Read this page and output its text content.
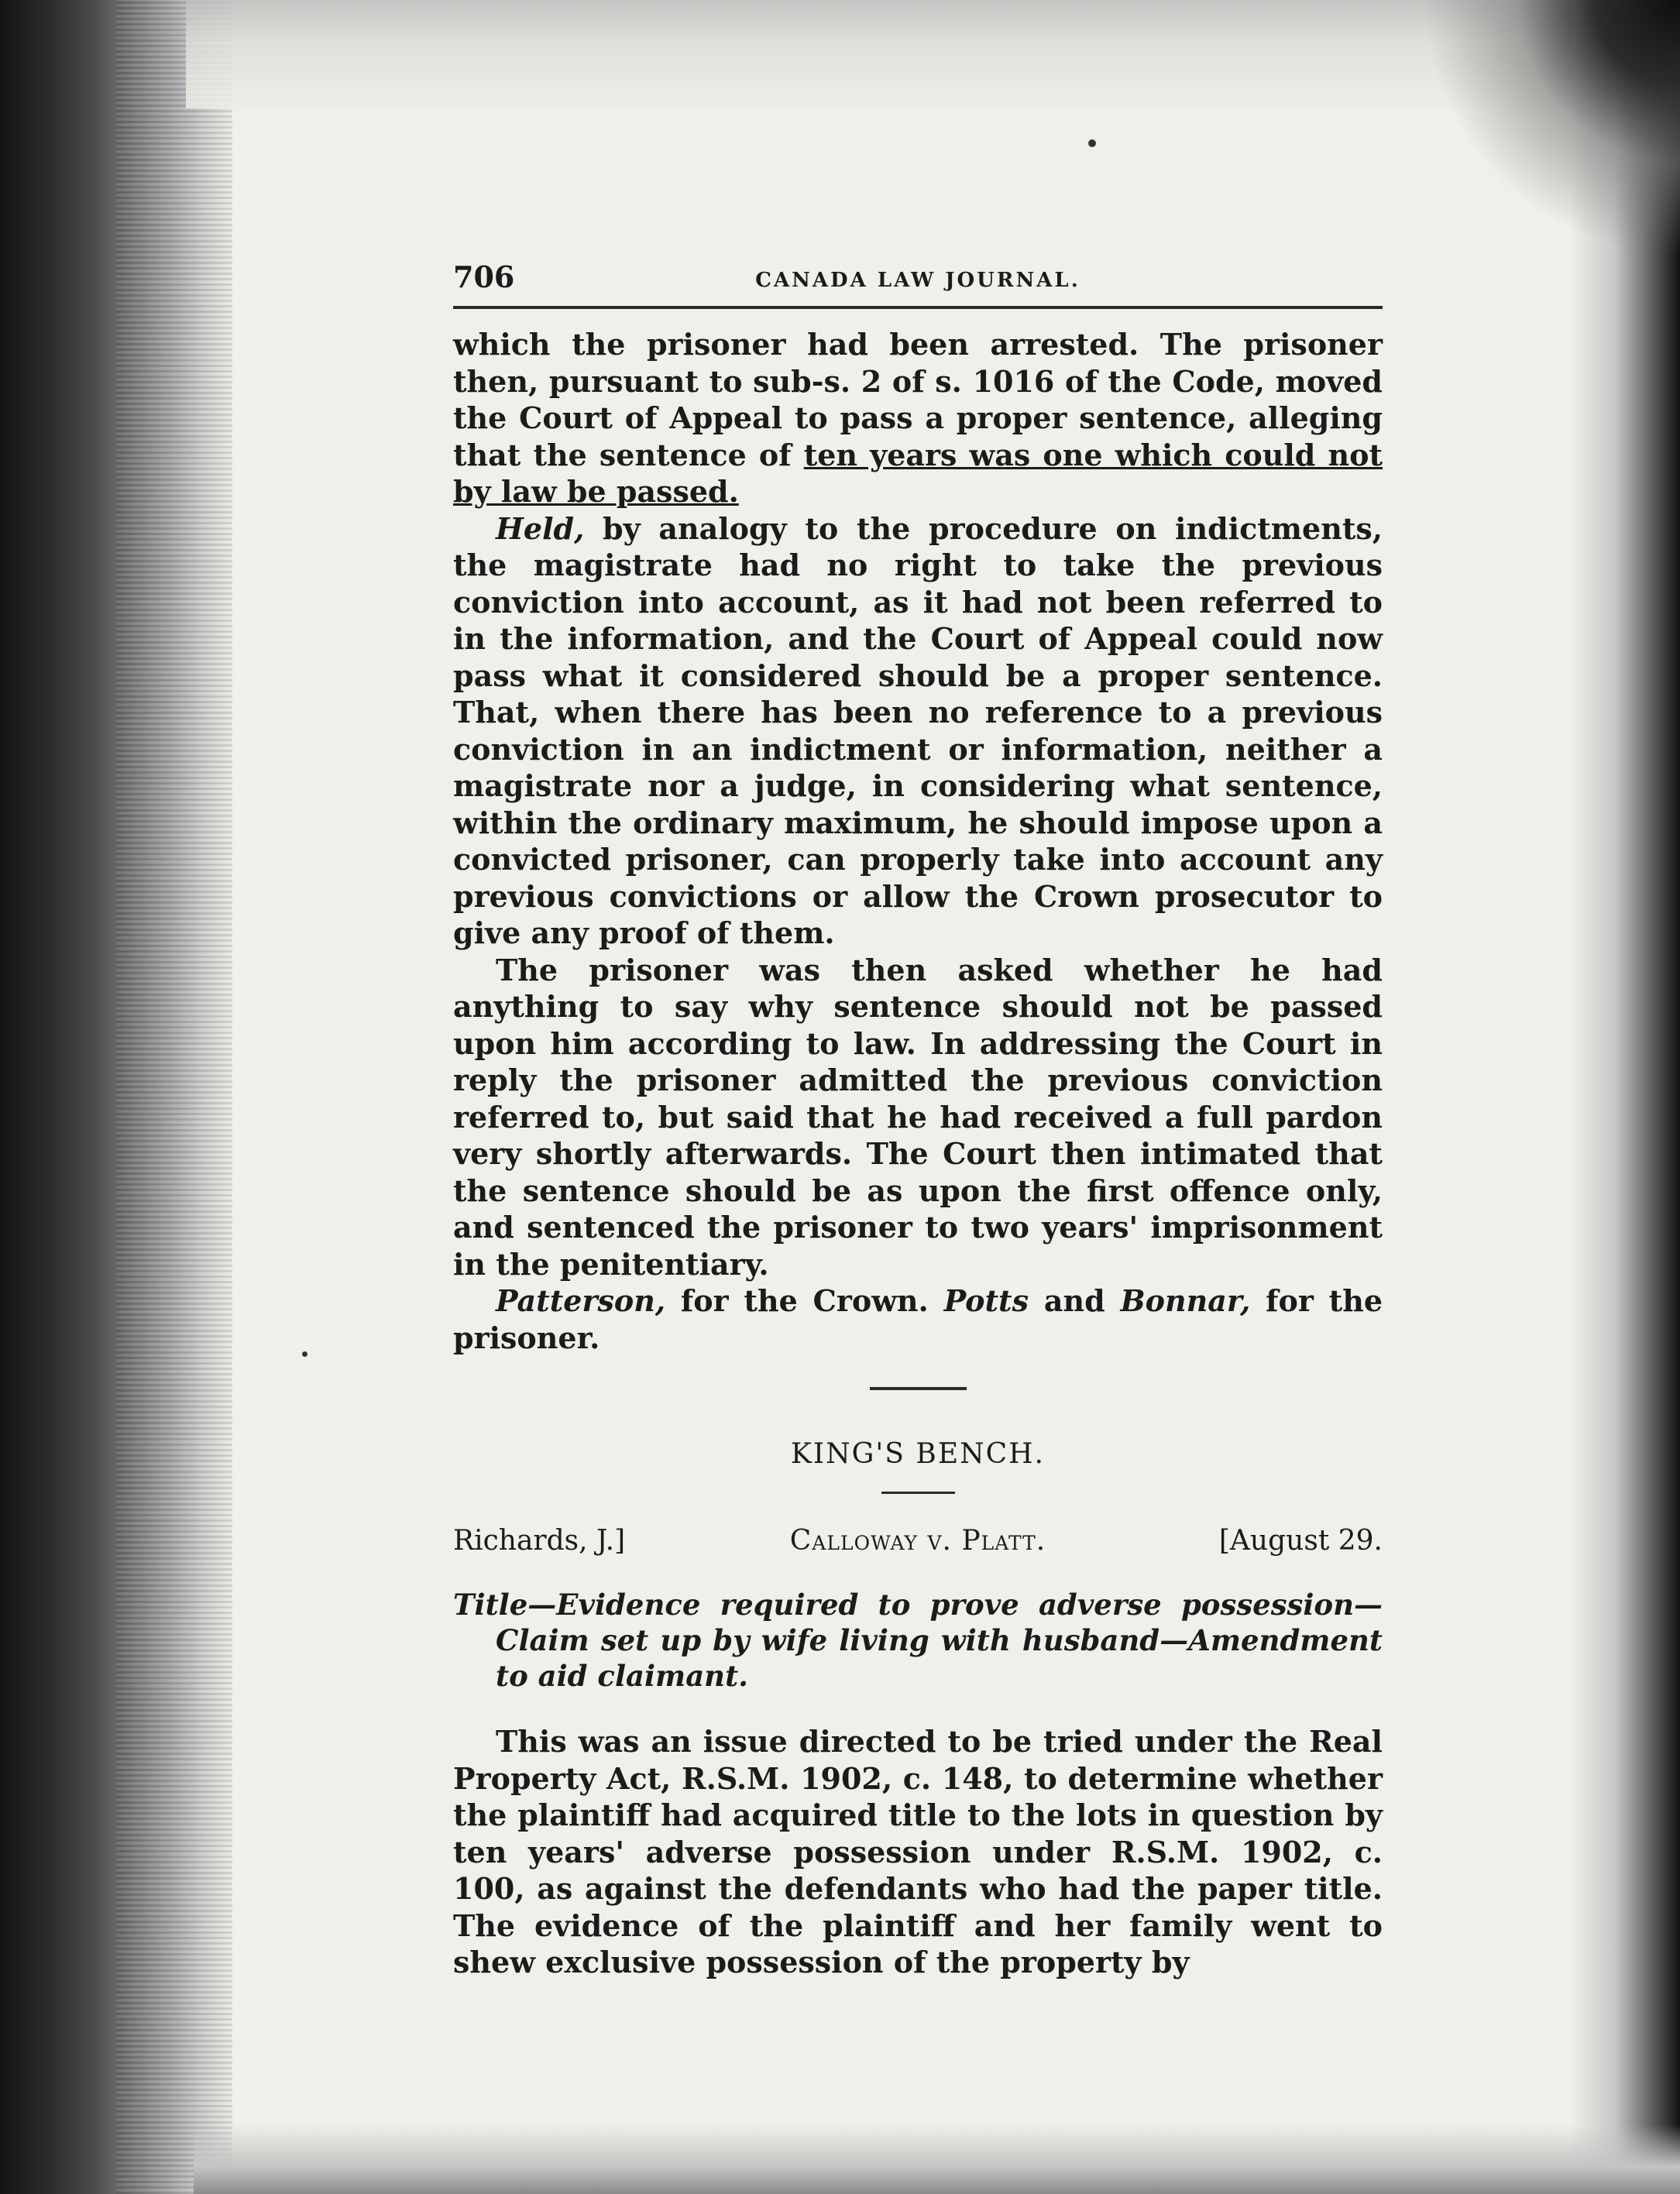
706	CANADA LAW JOURNAL.

which the prisoner had been arrested. The prisoner then, pursuant to sub-s. 2 of s. 1016 of the Code, moved the Court of Appeal to pass a proper sentence, alleging that the sentence of ten years was one which could not by law be passed.

Held, by analogy to the procedure on indictments, the magistrate had no right to take the previous conviction into account, as it had not been referred to in the information, and the Court of Appeal could now pass what it considered should be a proper sentence. That, when there has been no reference to a previous conviction in an indictment or information, neither a magistrate nor a judge, in considering what sentence, within the ordinary maximum, he should impose upon a convicted prisoner, can properly take into account any previous convictions or allow the Crown prosecutor to give any proof of them.

The prisoner was then asked whether he had anything to say why sentence should not be passed upon him according to law. In addressing the Court in reply the prisoner admitted the previous conviction referred to, but said that he had received a full pardon very shortly afterwards. The Court then intimated that the sentence should be as upon the first offence only, and sentenced the prisoner to two years' imprisonment in the penitentiary.

Patterson, for the Crown. Potts and Bonnar, for the prisoner.

KING'S BENCH.
Richards, J.]	Calloway v. Platt.	[August 29.
Title—Evidence required to prove adverse possession—Claim set up by wife living with husband—Amendment to aid claimant.

This was an issue directed to be tried under the Real Property Act, R.S.M. 1902, c. 148, to determine whether the plaintiff had acquired title to the lots in question by ten years' adverse possession under R.S.M. 1902, c. 100, as against the defendants who had the paper title. The evidence of the plaintiff and her family went to shew exclusive possession of the property by
